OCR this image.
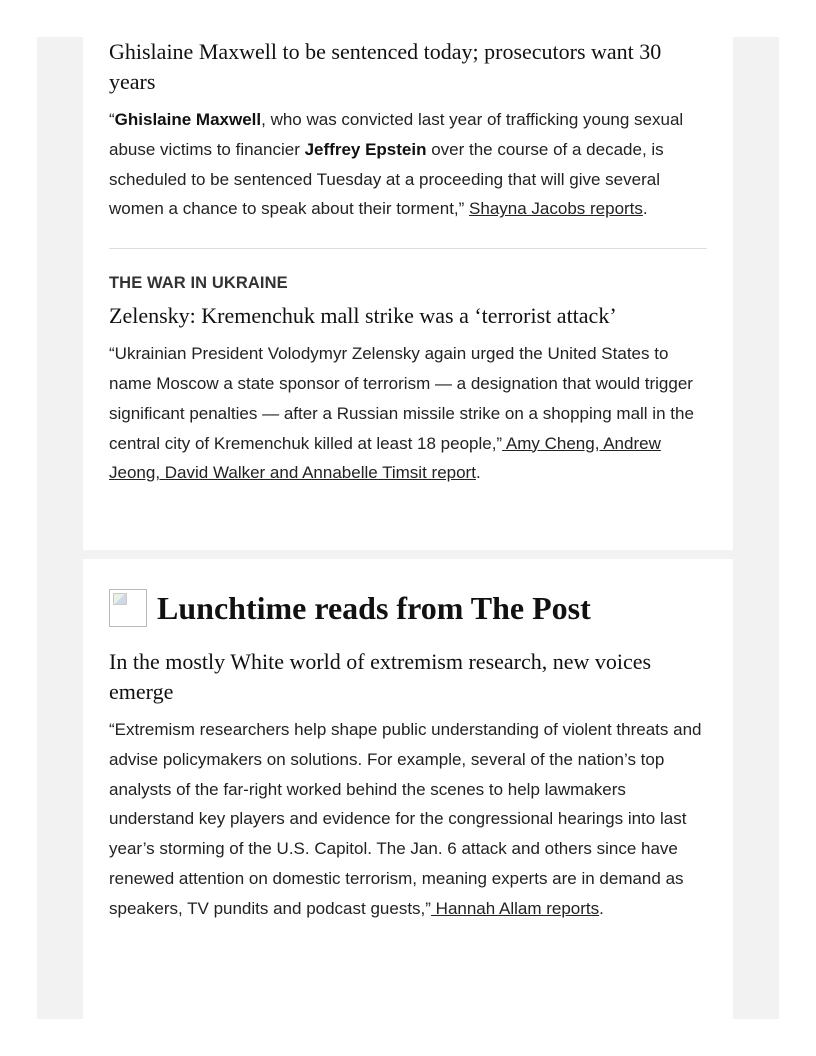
Ghislaine Maxwell to be sentenced today; prosecutors want 30 years

“Ghislaine Maxwell, who was convicted last year of trafficking young sexual abuse victims to financier Jeffrey Epstein over the course of a decade, is scheduled to be sentenced Tuesday at a proceeding that will give several women a chance to speak about their torment,” Shayna Jacobs reports.

THE WAR IN UKRAINE

Zelensky: Kremenchuk mall strike was a ‘terrorist attack’

“Ukrainian President Volodymyr Zelensky again urged the United States to name Moscow a state sponsor of terrorism — a designation that would trigger significant penalties — after a Russian missile strike on a shopping mall in the central city of Kremenchuk killed at least 18 people,” Amy Cheng, Andrew Jeong, David Walker and Annabelle Timsit report.

Lunchtime reads from The Post
In the mostly White world of extremism research, new voices emerge

“Extremism researchers help shape public understanding of violent threats and advise policymakers on solutions. For example, several of the nation’s top analysts of the far-right worked behind the scenes to help lawmakers understand key players and evidence for the congressional hearings into last year’s storming of the U.S. Capitol. The Jan. 6 attack and others since have renewed attention on domestic terrorism, meaning experts are in demand as speakers, TV pundits and podcast guests,” Hannah Allam reports.
